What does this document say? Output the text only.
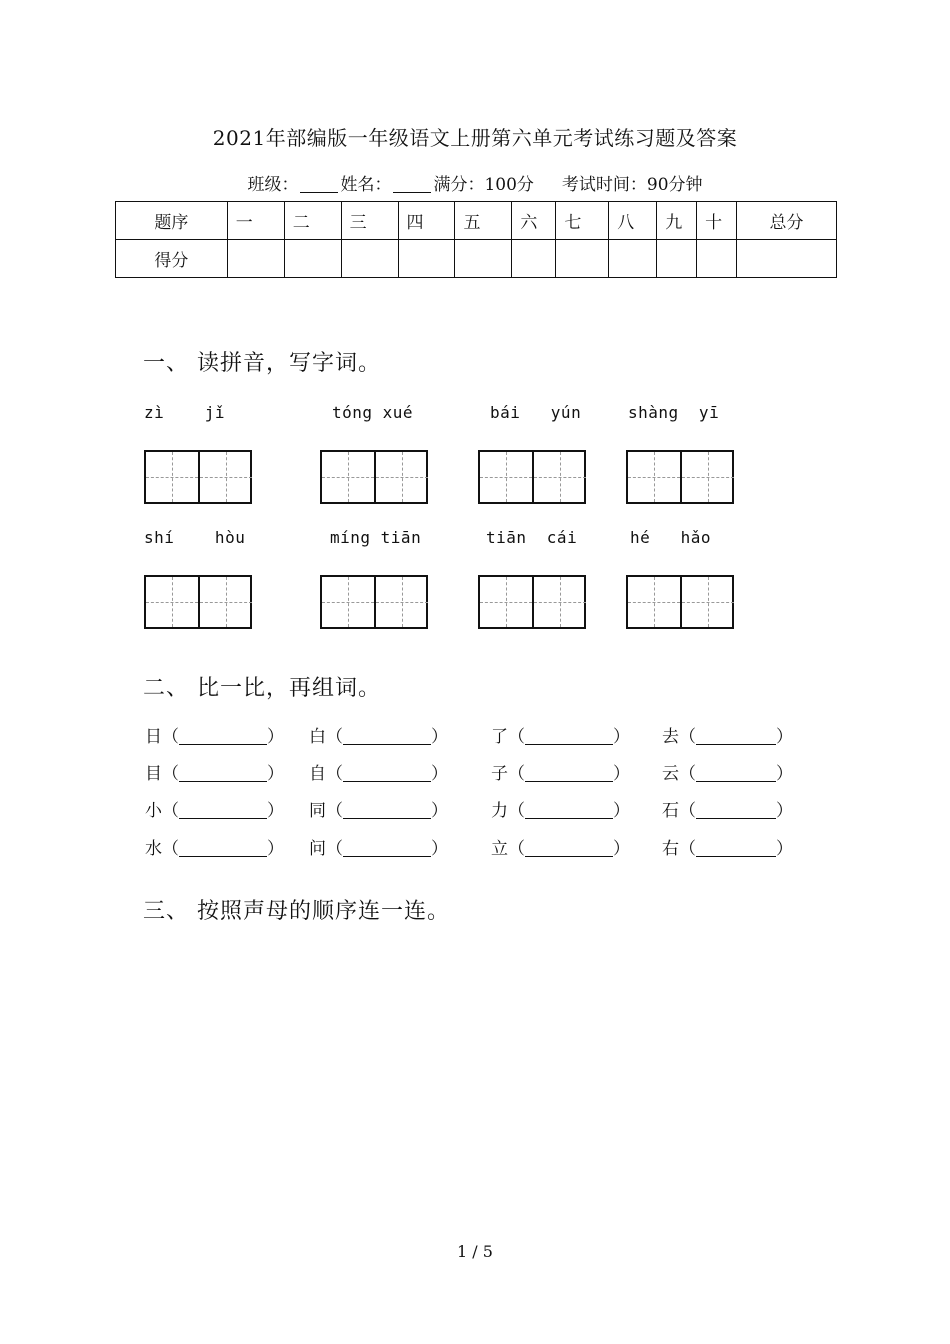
2021年部编版一年级语文上册第六单元考试练习题及答案
班级： 姓名： 满分：100分 考试时间：90分钟
题序	一	二	三	四	五	六	七	八	九	十	总分
得分											
一、 读拼音，写字词。
zì    jǐ	tóng xué	bái   yún	shàng  yī
shí    hòu	míng tiān	tiān  cái	hé   hǎo
二、 比一比，再组词。
日（	） 白（	）	了（	） 去（	）
目（	） 自（	）	子（	） 云（	）
小（	） 同（	）	力（	） 石（	）
水（	） 问（	）	立（	） 右（	）
三、 按照声母的顺序连一连。
1 / 5
